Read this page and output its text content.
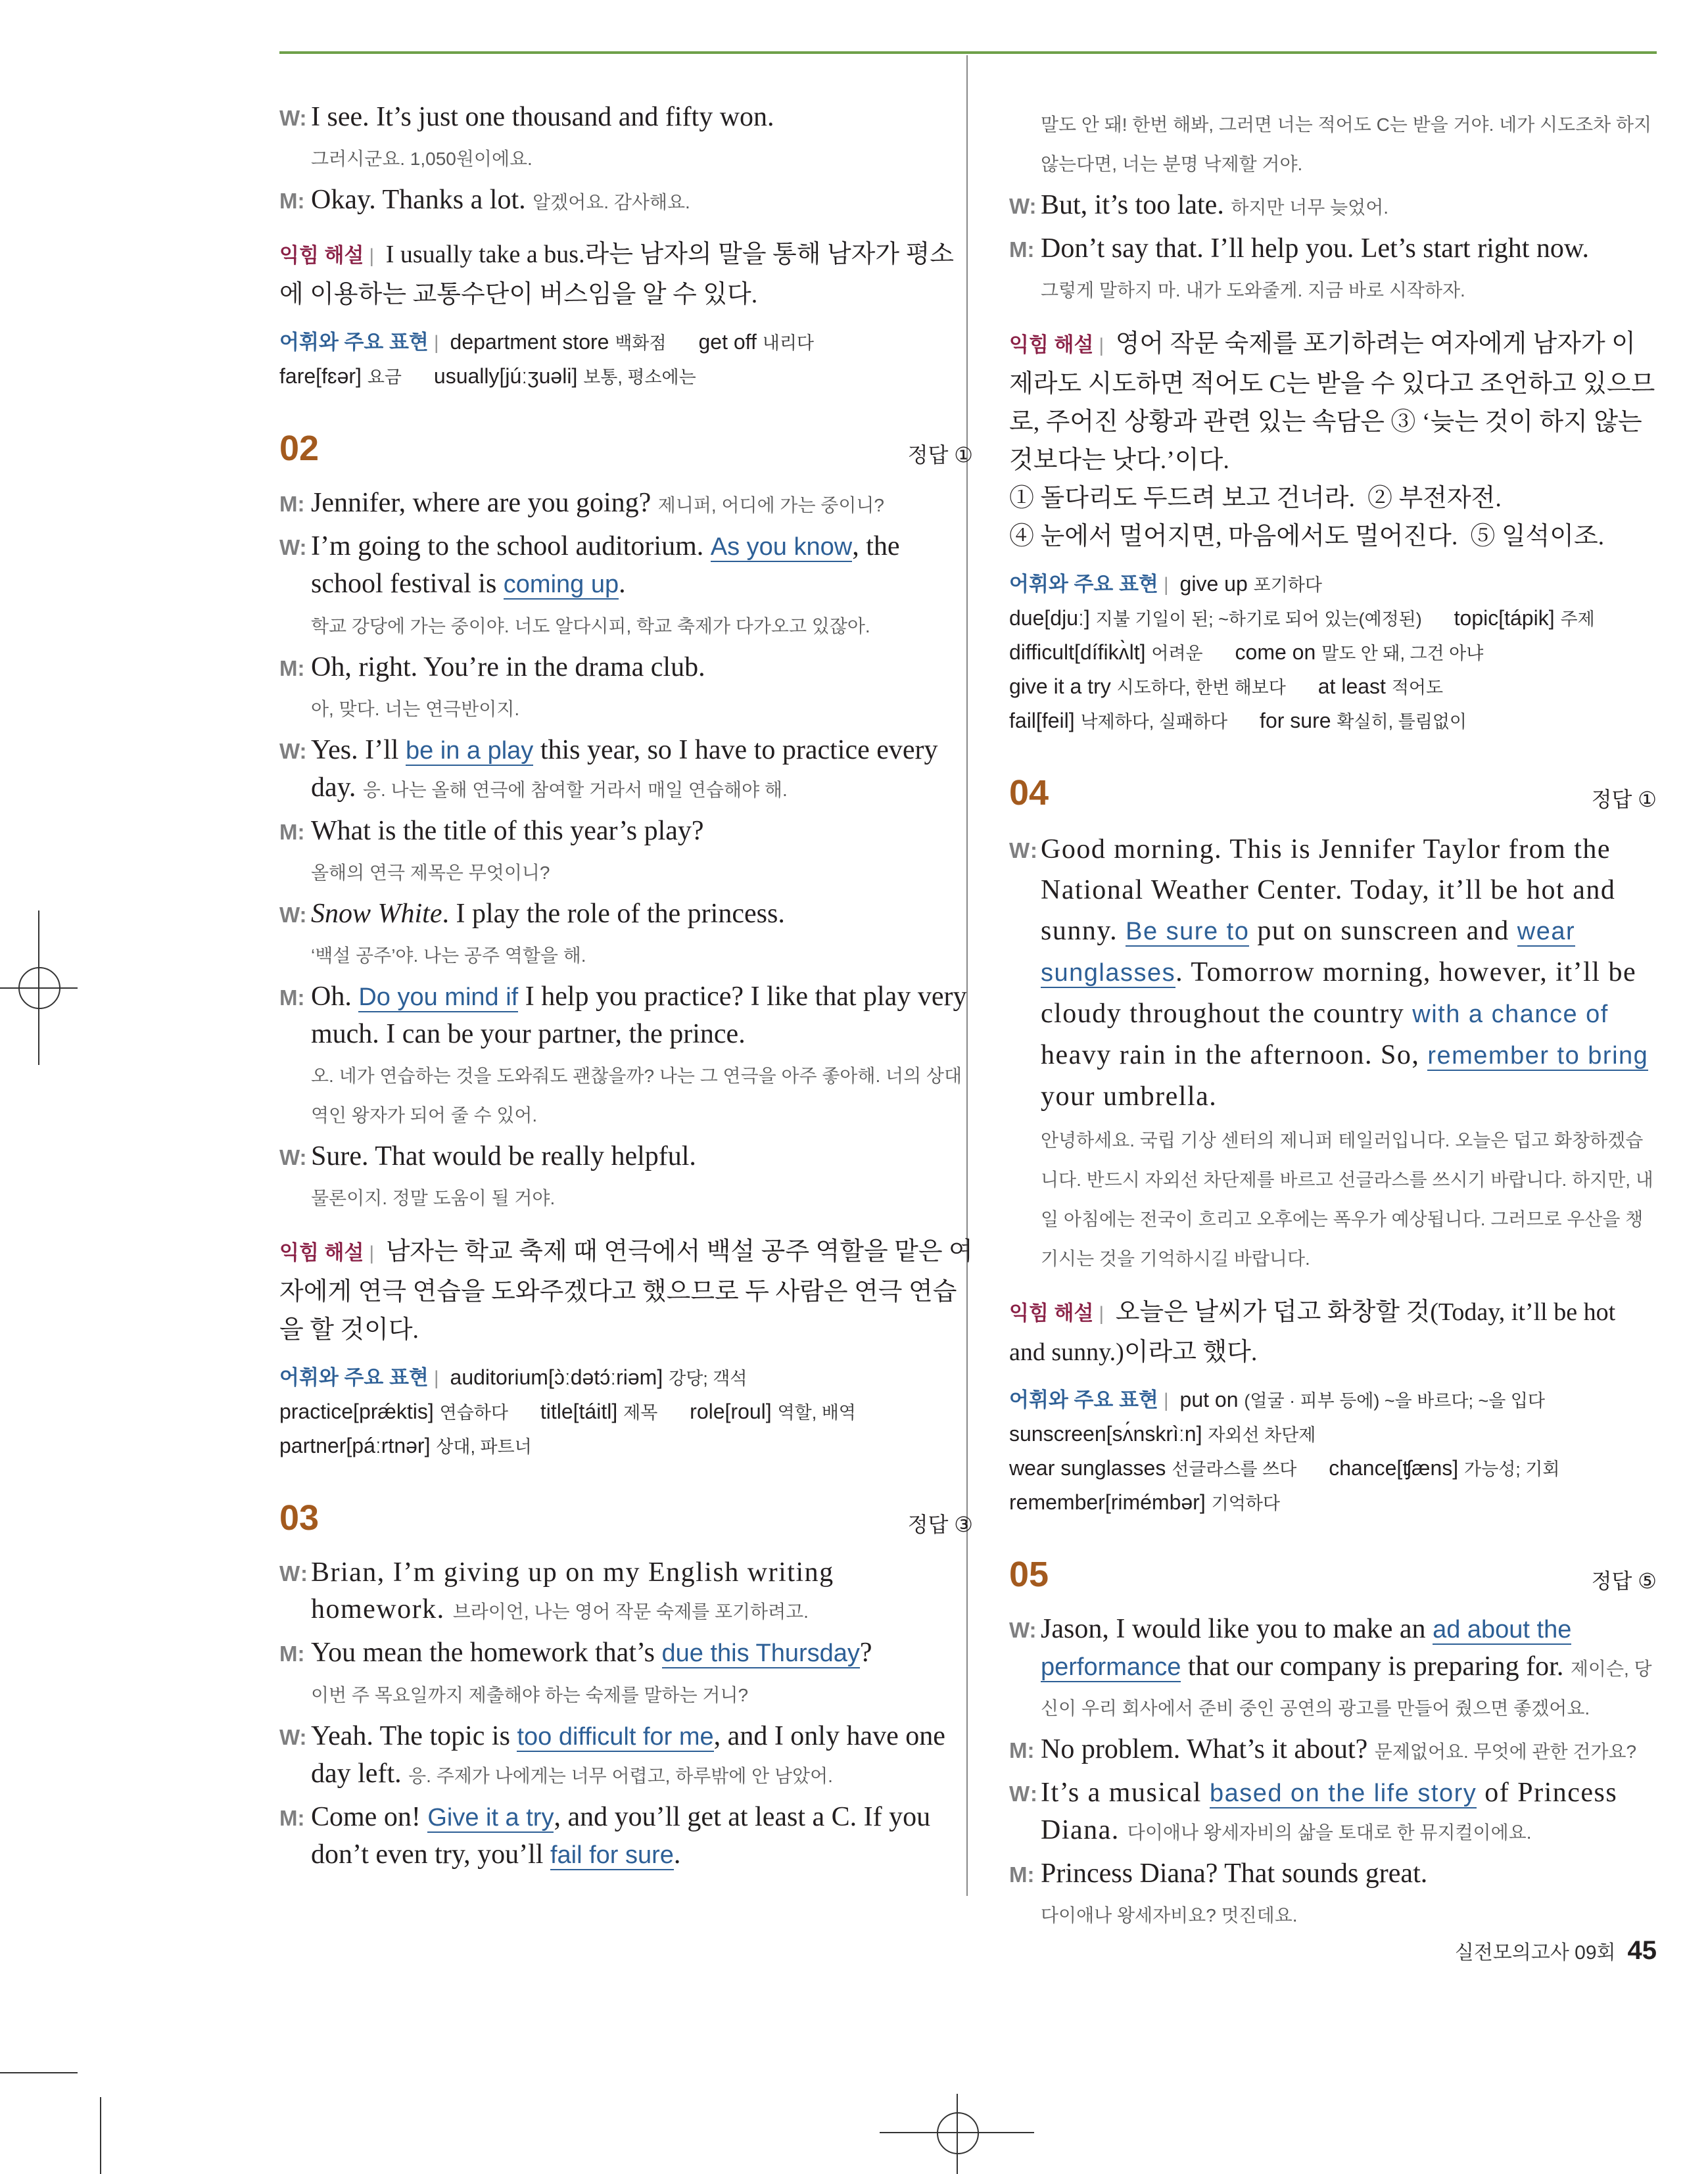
W: I see. It’s just one thousand and fifty won.
그러시군요. 1,050원이에요.
M: Okay. Thanks a lot. 알겠어요. 감사해요.
익힘 해설 | I usually take a bus.라는 남자의 말을 통해 남자가 평소에 이용하는 교통수단이 버스임을 알 수 있다.
어휘와 주요 표현 | department store 백화점 get off 내리다
fare[fɛər] 요금 usually[júːʒuəli] 보통, 평소에는
02	정답 ①
M: Jennifer, where are you going? 제니퍼, 어디에 가는 중이니?
W: I’m going to the school auditorium. As you know, the school festival is coming up.
학교 강당에 가는 중이야. 너도 알다시피, 학교 축제가 다가오고 있잖아.
M: Oh, right. You’re in the drama club.
아, 맞다. 너는 연극반이지.
W: Yes. I’ll be in a play this year, so I have to practice every day. 응. 나는 올해 연극에 참여할 거라서 매일 연습해야 해.
M: What is the title of this year’s play?
올해의 연극 제목은 무엇이니?
W: Snow White. I play the role of the princess.
‘백설 공주’야. 나는 공주 역할을 해.
M: Oh. Do you mind if I help you practice? I like that play very much. I can be your partner, the prince.
오. 네가 연습하는 것을 도와줘도 괜찮을까? 나는 그 연극을 아주 좋아해. 너의 상대역인 왕자가 되어 줄 수 있어.
W: Sure. That would be really helpful.
물론이지. 정말 도움이 될 거야.
익힘 해설 | 남자는 학교 축제 때 연극에서 백설 공주 역할을 맡은 여자에게 연극 연습을 도와주겠다고 했으므로 두 사람은 연극 연습을 할 것이다.
어휘와 주요 표현 | auditorium[ɔ̀ːdətɔ́ːriəm] 강당; 객석
practice[prǽktis] 연습하다 title[táitl] 제목 role[roul] 역할, 배역
partner[páːrtnər] 상대, 파트너
03	정답 ③
W: Brian, I’m giving up on my English writing homework. 브라이언, 나는 영어 작문 숙제를 포기하려고.
M: You mean the homework that’s due this Thursday?
이번 주 목요일까지 제출해야 하는 숙제를 말하는 거니?
W: Yeah. The topic is too difficult for me, and I only have one day left. 응. 주제가 나에게는 너무 어렵고, 하루밖에 안 남았어.
M: Come on! Give it a try, and you’ll get at least a C. If you don’t even try, you’ll fail for sure.
말도 안 돼! 한번 해봐, 그러면 너는 적어도 C는 받을 거야. 네가 시도조차 하지 않는다면, 너는 분명 낙제할 거야.
W: But, it’s too late. 하지만 너무 늦었어.
M: Don’t say that. I’ll help you. Let’s start right now.
그렇게 말하지 마. 내가 도와줄게. 지금 바로 시작하자.
익힘 해설 | 영어 작문 숙제를 포기하려는 여자에게 남자가 이제라도 시도하면 적어도 C는 받을 수 있다고 조언하고 있으므로, 주어진 상황과 관련 있는 속담은 ③ ‘늦는 것이 하지 않는 것보다는 낫다.’이다.
① 돌다리도 두드려 보고 건너라. ② 부전자전.
④ 눈에서 멀어지면, 마음에서도 멀어진다. ⑤ 일석이조.
어휘와 주요 표현 | give up 포기하다
due[djuː] 지불 기일이 된; ~하기로 되어 있는(예정된) topic[tápik] 주제
difficult[dífikʌ̀lt] 어려운 come on 말도 안 돼, 그건 아냐
give it a try 시도하다, 한번 해보다 at least 적어도
fail[feil] 낙제하다, 실패하다 for sure 확실히, 틀림없이
04	정답 ①
W: Good morning. This is Jennifer Taylor from the National Weather Center. Today, it’ll be hot and sunny. Be sure to put on sunscreen and wear sunglasses. Tomorrow morning, however, it’ll be cloudy throughout the country with a chance of heavy rain in the afternoon. So, remember to bring your umbrella.
안녕하세요. 국립 기상 센터의 제니퍼 테일러입니다. 오늘은 덥고 화창하겠습니다. 반드시 자외선 차단제를 바르고 선글라스를 쓰시기 바랍니다. 하지만, 내일 아침에는 전국이 흐리고 오후에는 폭우가 예상됩니다. 그러므로 우산을 챙기시는 것을 기억하시길 바랍니다.
익힘 해설 | 오늘은 날씨가 덥고 화창할 것(Today, it’ll be hot and sunny.)이라고 했다.
어휘와 주요 표현 | put on (얼굴 · 피부 등에) ~을 바르다; ~을 입다
sunscreen[sʌ́nskrìːn] 자외선 차단제
wear sunglasses 선글라스를 쓰다 chance[ʧæns] 가능성; 기회
remember[rimémbər] 기억하다
05	정답 ⑤
W: Jason, I would like you to make an ad about the performance that our company is preparing for. 제이슨, 당신이 우리 회사에서 준비 중인 공연의 광고를 만들어 줬으면 좋겠어요.
M: No problem. What’s it about? 문제없어요. 무엇에 관한 건가요?
W: It’s a musical based on the life story of Princess Diana. 다이애나 왕세자비의 삶을 토대로 한 뮤지컬이에요.
M: Princess Diana? That sounds great.
다이애나 왕세자비요? 멋진데요.
실전모의고사 09회 45
